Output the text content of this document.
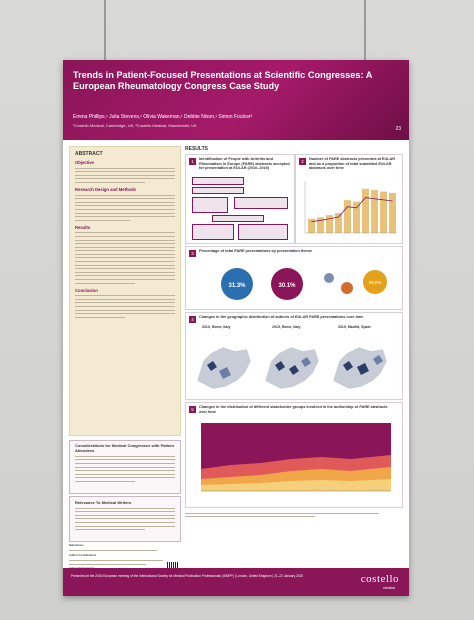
Trends in Patient-Focused Presentations at Scientific Congresses: A European Rheumatology Congress Case Study
Emma Phillips,¹ Julia Stevens,¹ Olivia Wakeman,¹ Debbie Nixon,¹ Simon Foulcer²
¹Costello Medical, Cambridge, UK; ²Costello Medical, Manchester, UK
23
ABSTRACT
Objective
Research Design and Methods
Results
Conclusion
Considerations for Medical Congresses with Patient Attendees
Relevance To Medical Writers
References
Author Contributions
RESULTS
1	Identification of People with Arthritis and Rheumatism in Europe (PARE) abstracts accepted for presentation at EULAR (2010–2019)
2	Number of PARE abstracts presented at EULAR and as a proportion of total submitted EULAR abstracts over time
3	Percentage of total PARE presentations by presentation theme
31.3%	30.1%
29.6%
4	Changes in the geographic distribution of authors of EULAR PARE presentations over time
2010, Rome, Italy	2015, Rome, Italy	2019, Madrid, Spain
5	Changes in the distribution of different stakeholder groups involved in the authorship of PARE abstracts over time
Presented at the 2020 European meeting of the International Society for Medical Publication Professionals (ISMPP) | London, United Kingdom | 21–22 January 2020	costello
medical
